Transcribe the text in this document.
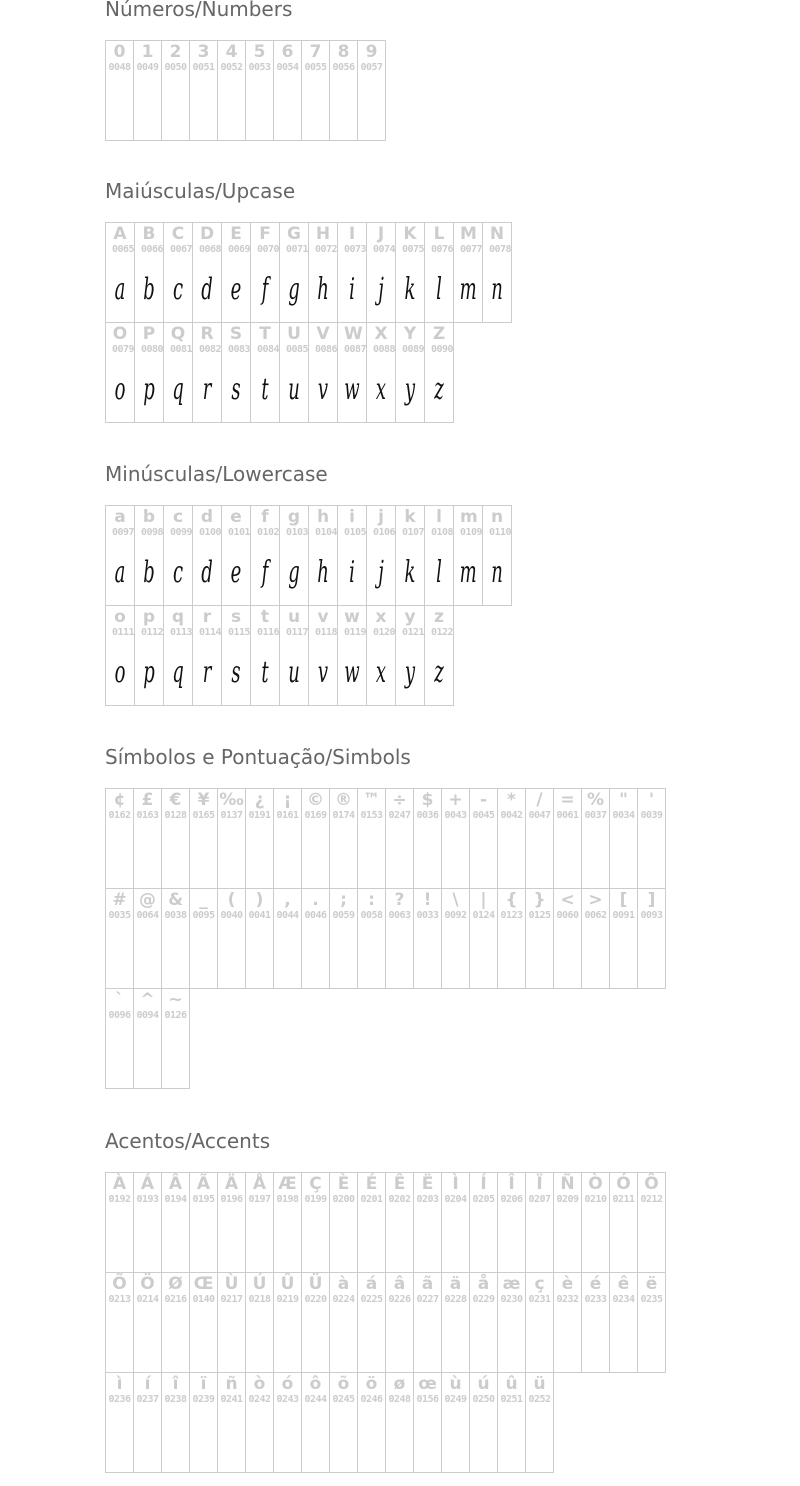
Números/Numbers
0
0048
1
0049
2
0050
3
0051
4
0052
5
0053
6
0054
7
0055
8
0056
9
0057
Maiúsculas/Upcase
A
0065
a
B
0066
b
C
0067
c
D
0068
d
E
0069
e
F
0070
f
G
0071
g
H
0072
h
I
0073
i
J
0074
j
K
0075
k
L
0076
l
M
0077
m
N
0078
n
O
0079
o
P
0080
p
Q
0081
q
R
0082
r
S
0083
s
T
0084
t
U
0085
u
V
0086
v
W
0087
w
X
0088
x
Y
0089
y
Z
0090
z
Minúsculas/Lowercase
a
0097
a
b
0098
b
c
0099
c
d
0100
d
e
0101
e
f
0102
f
g
0103
g
h
0104
h
i
0105
i
j
0106
j
k
0107
k
l
0108
l
m
0109
m
n
0110
n
o
0111
o
p
0112
p
q
0113
q
r
0114
r
s
0115
s
t
0116
t
u
0117
u
v
0118
v
w
0119
w
x
0120
x
y
0121
y
z
0122
z
Símbolos e Pontuação/Simbols
¢
0162
£
0163
€
0128
¥
0165
‰
0137
¿
0191
¡
0161
©
0169
®
0174
™
0153
÷
0247
$
0036
+
0043
-
0045
*
0042
/
0047
=
0061
%
0037
"
0034
'
0039
#
0035
@
0064
&
0038
_
0095
(
0040
)
0041
,
0044
.
0046
;
0059
:
0058
?
0063
!
0033
\
0092
|
0124
{
0123
}
0125
<
0060
>
0062
[
0091
]
0093
`
0096
^
0094
~
0126
Acentos/Accents
À
0192
Á
0193
Â
0194
Ã
0195
Ä
0196
Å
0197
Æ
0198
Ç
0199
È
0200
É
0201
Ê
0202
Ë
0203
Ì
0204
Í
0205
Î
0206
Ï
0207
Ñ
0209
Ò
0210
Ó
0211
Ô
0212
Õ
0213
Ö
0214
Ø
0216
Œ
0140
Ù
0217
Ú
0218
Û
0219
Ü
0220
à
0224
á
0225
â
0226
ã
0227
ä
0228
å
0229
æ
0230
ç
0231
è
0232
é
0233
ê
0234
ë
0235
ì
0236
í
0237
î
0238
ï
0239
ñ
0241
ò
0242
ó
0243
ô
0244
õ
0245
ö
0246
ø
0248
œ
0156
ù
0249
ú
0250
û
0251
ü
0252
